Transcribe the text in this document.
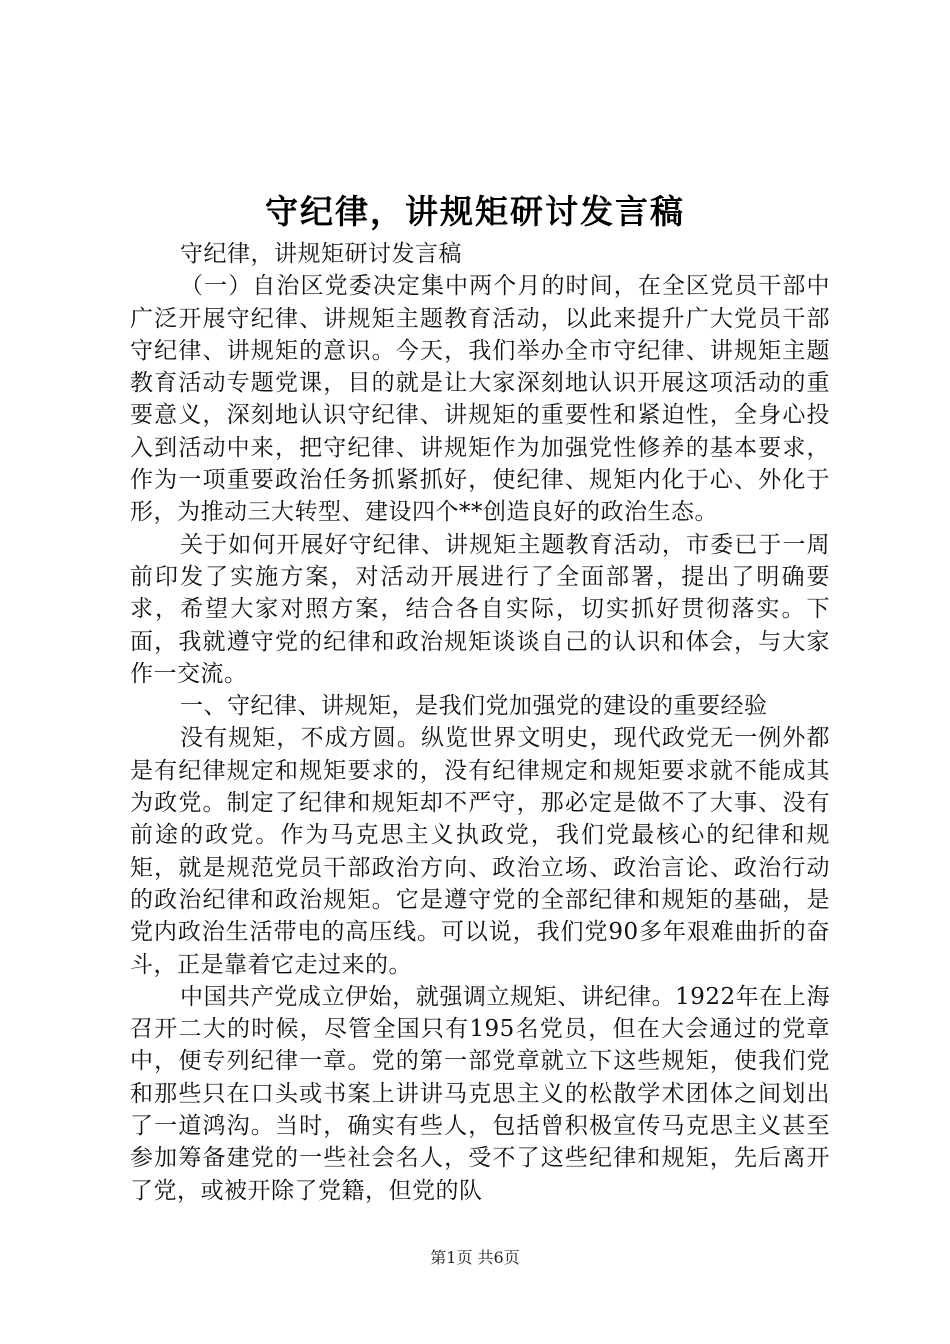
守纪律，讲规矩研讨发言稿

守纪律，讲规矩研讨发言稿

（一）自治区党委决定集中两个月的时间，在全区党员干部中广泛开展守纪律、讲规矩主题教育活动，以此来提升广大党员干部守纪律、讲规矩的意识。今天，我们举办全市守纪律、讲规矩主题教育活动专题党课，目的就是让大家深刻地认识开展这项活动的重要意义，深刻地认识守纪律、讲规矩的重要性和紧迫性，全身心投入到活动中来，把守纪律、讲规矩作为加强党性修养的基本要求，作为一项重要政治任务抓紧抓好，使纪律、规矩内化于心、外化于形，为推动三大转型、建设四个**创造良好的政治生态。

关于如何开展好守纪律、讲规矩主题教育活动，市委已于一周前印发了实施方案，对活动开展进行了全面部署，提出了明确要求，希望大家对照方案，结合各自实际，切实抓好贯彻落实。下面，我就遵守党的纪律和政治规矩谈谈自己的认识和体会，与大家作一交流。

一、守纪律、讲规矩，是我们党加强党的建设的重要经验

没有规矩，不成方圆。纵览世界文明史，现代政党无一例外都是有纪律规定和规矩要求的，没有纪律规定和规矩要求就不能成其为政党。制定了纪律和规矩却不严守，那必定是做不了大事、没有前途的政党。作为马克思主义执政党，我们党最核心的纪律和规矩，就是规范党员干部政治方向、政治立场、政治言论、政治行动的政治纪律和政治规矩。它是遵守党的全部纪律和规矩的基础，是党内政治生活带电的高压线。可以说，我们党90多年艰难曲折的奋斗，正是靠着它走过来的。

中国共产党成立伊始，就强调立规矩、讲纪律。1922年在上海召开二大的时候，尽管全国只有195名党员，但在大会通过的党章中，便专列纪律一章。党的第一部党章就立下这些规矩，使我们党和那些只在口头或书案上讲讲马克思主义的松散学术团体之间划出了一道鸿沟。当时，确实有些人，包括曾积极宣传马克思主义甚至参加筹备建党的一些社会名人，受不了这些纪律和规矩，先后离开了党，或被开除了党籍，但党的队

第1页 共6页
